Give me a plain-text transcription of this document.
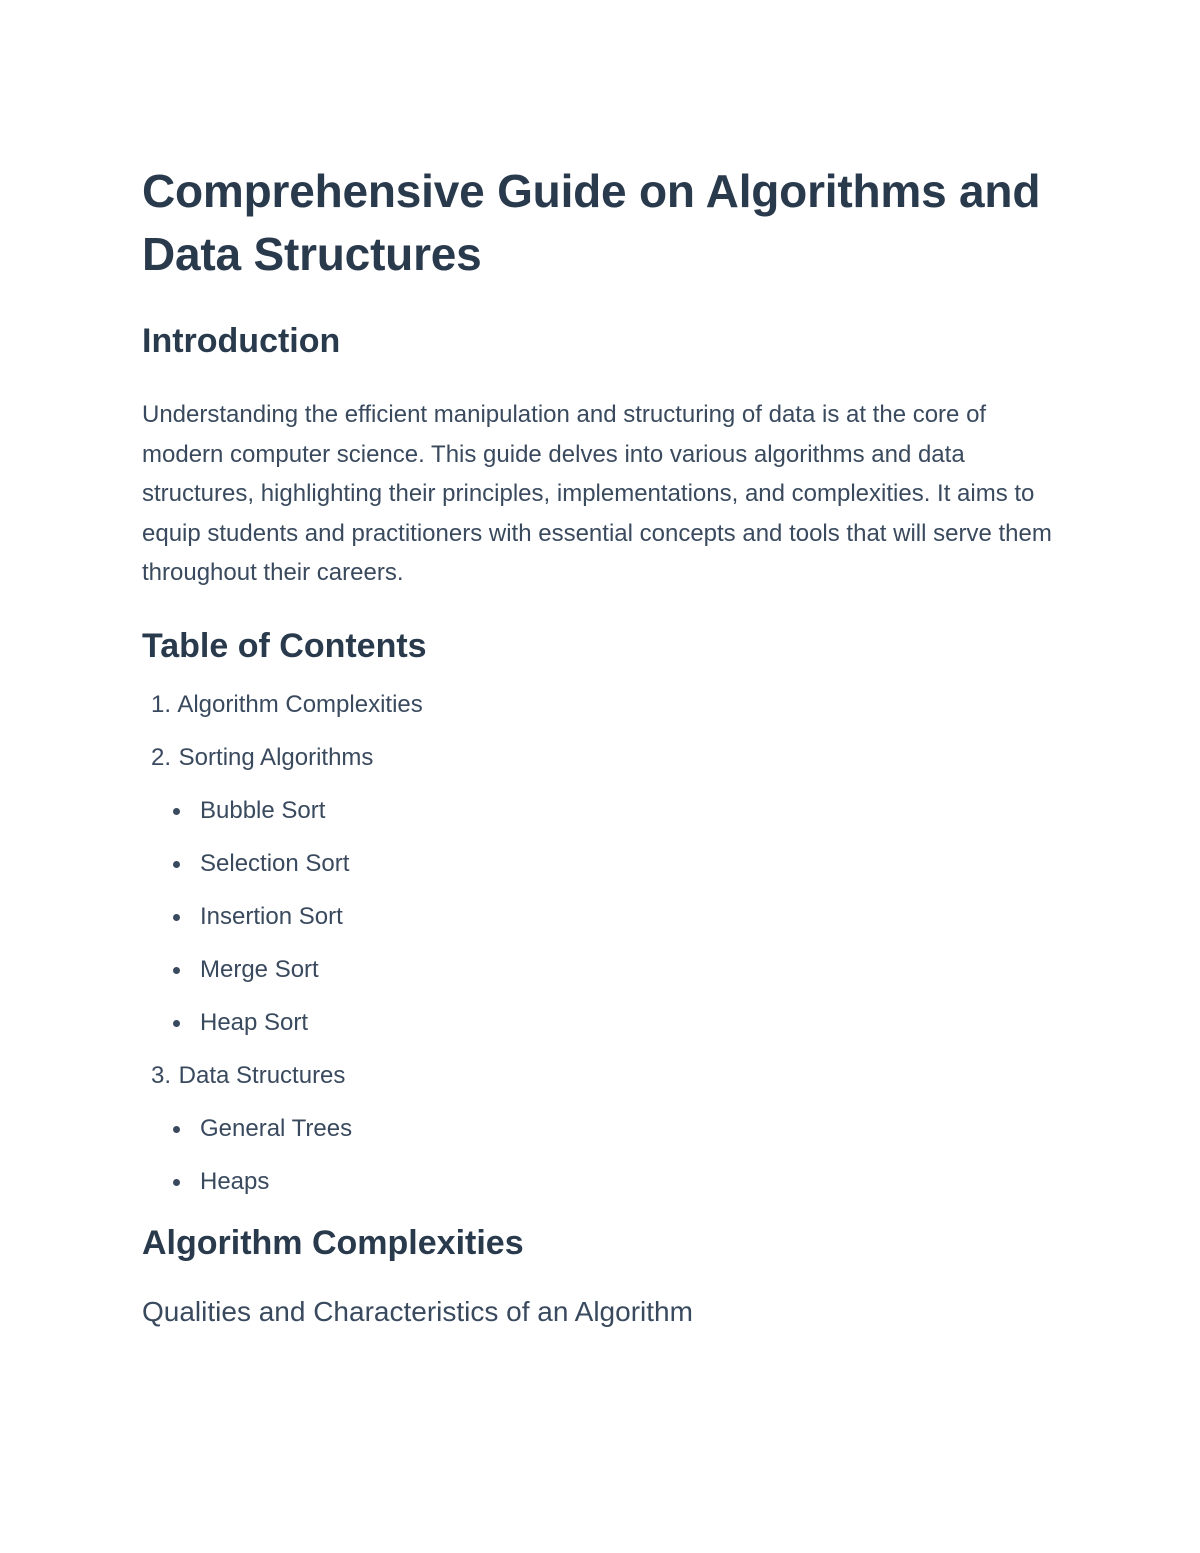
Comprehensive Guide on Algorithms and Data Structures
Introduction

Understanding the efficient manipulation and structuring of data is at the core of modern computer science. This guide delves into various algorithms and data structures, highlighting their principles, implementations, and complexities. It aims to equip students and practitioners with essential concepts and tools that will serve them throughout their careers.

Table of Contents
1. Algorithm Complexities
2. Sorting Algorithms
Bubble Sort
Selection Sort
Insertion Sort
Merge Sort
Heap Sort
3. Data Structures
General Trees
Heaps
Algorithm Complexities
Qualities and Characteristics of an Algorithm
